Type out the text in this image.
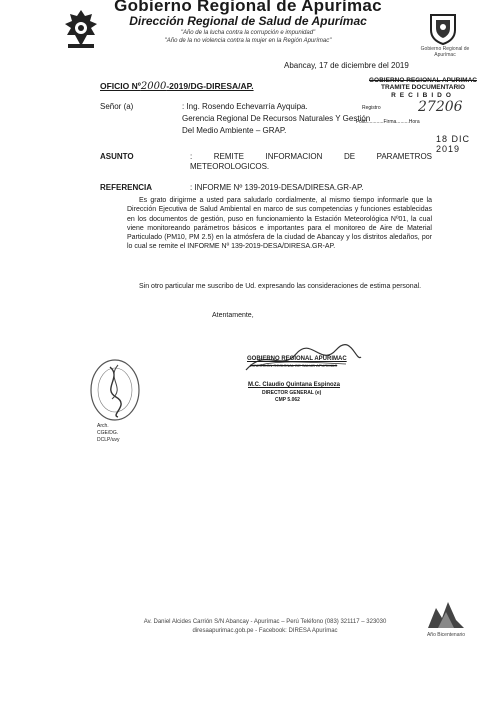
Gobierno Regional de Apurímac
Gobierno Regional de Apurímac
Dirección Regional de Salud de Apurímac
"Año de la lucha contra la corrupción e impunidad"
"Año de la no violencia contra la mujer en la Región Apurímac"
Abancay, 17 de diciembre del 2019
GOBIERNO REGIONAL APURIMAC
TRAMITE DOCUMENTARIO
RECIBIDO
Registro	27206
Folio............Firma.........Hora
18 DIC 2019
OFICIO Nº2000-2019/DG-DIRESA/AP.
Señor (a)	: Ing. Rosendo Echevarría Ayquipa.
Gerencia Regional De Recursos Naturales Y Gestión
Del Medio Ambiente – GRAP.
ASUNTO	: REMITE INFORMACION DE PARAMETROS METEOROLOGICOS.
REFERENCIA	: INFORME Nº 139-2019-DESA/DIRESA.GR-AP.
Es grato dirigirme a usted para saludarlo cordialmente, al mismo tiempo informarle que la Dirección Ejecutiva de Salud Ambiental en marco de sus competencias y funciones establecidas en los documentos de gestión, puso en funcionamiento la Estación Meteorológica Nº01, la cual viene monitoreando parámetros básicos e importantes para el monitoreo de Aire de Material Particulado (PM10, PM 2.5) en la atmósfera de la ciudad de Abancay y los distritos aledaños, por lo cual se remite el INFORME Nº 139-2019-DESA/DIRESA.GR-AP.
Sin otro particular me suscribo de Ud. expresando las consideraciones de estima personal.
Atentamente,
GOBIERNO REGIONAL APURIMAC
DIRECCION REGIONAL DE SALUD APURIMAC
M.C. Claudio Quintana Espinoza
DIRECTOR GENERAL (e)
CMP 5.062
Arch.
CGE/DG.
DCLP/uvy
Av. Daniel Alcides Carrión S/N Abancay - Apurímac – Perú Teléfono (083) 321117 – 323030
diresaapurimac.gob.pe - Facebook: DIRESA Apurímac
Año Bicentenario
